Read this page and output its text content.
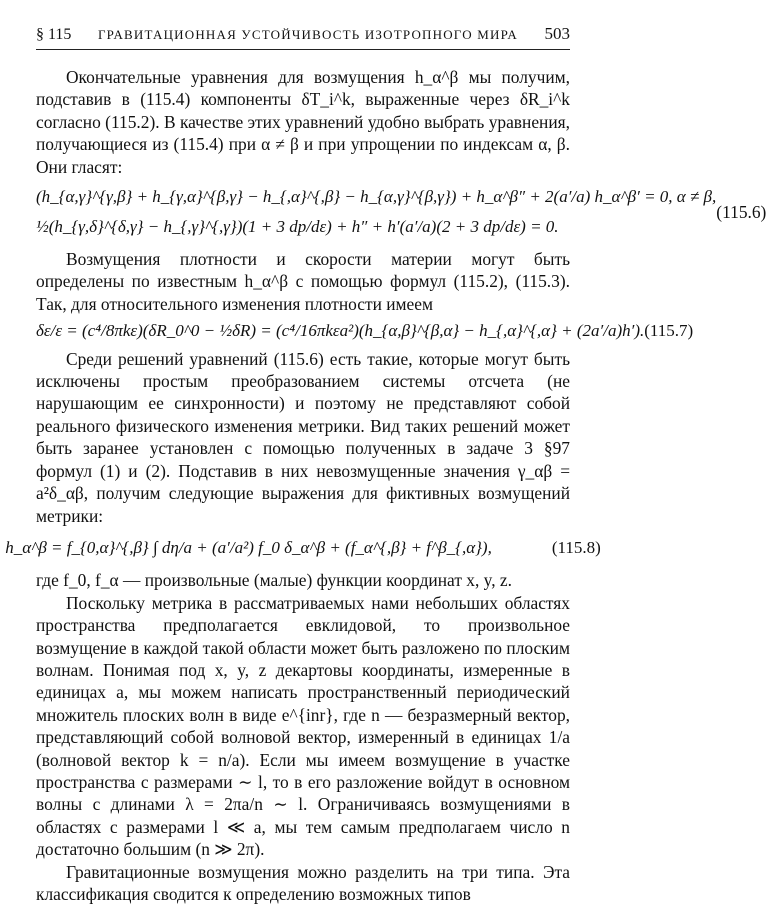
§ 115 ГРАВИТАЦИОННАЯ УСТОЙЧИВОСТЬ ИЗОТРОПНОГО МИРА 503

Окончательные уравнения для возмущения h_α^β мы получим, подставив в (115.4) компоненты δT_i^k, выраженные через δR_i^k согласно (115.2). В качестве этих уравнений удобно выбрать уравнения, получающиеся из (115.4) при α ≠ β и при упрощении по индексам α, β. Они гласят:

(h_{α,γ}^{γ,β} + h_{γ,α}^{β,γ} − h_{,α}^{,β} − h_{α,γ}^{β,γ}) + h_α^β″ + 2(a′/a) h_α^β′ = 0, α ≠ β,
½(h_{γ,δ}^{δ,γ} − h_{,γ}^{,γ})(1 + 3 dp/dε) + h″ + h′(a′/a)(2 + 3 dp/dε) = 0.
(115.6)

Возмущения плотности и скорости материи могут быть определены по известным h_α^β с помощью формул (115.2), (115.3). Так, для относительного изменения плотности имеем

δε/ε = (c⁴/8πkε)(δR_0^0 − ½δR) = (c⁴/16πkεa²)(h_{α,β}^{β,α} − h_{,α}^{,α} + (2a′/a)h′). (115.7)

Среди решений уравнений (115.6) есть такие, которые могут быть исключены простым преобразованием системы отсчета (не нарушающим ее синхронности) и поэтому не представляют собой реального физического изменения метрики. Вид таких решений может быть заранее установлен с помощью полученных в задаче 3 §97 формул (1) и (2). Подставив в них невозмущенные значения γ_αβ = a²δ_αβ, получим следующие выражения для фиктивных возмущений метрики:

h_α^β = f_{0,α}^{,β} ∫ dη/a + (a′/a²) f_0 δ_α^β + (f_α^{,β} + f^β_{,α}),	(115.8)

где f_0, f_α — произвольные (малые) функции координат x, y, z.

Поскольку метрика в рассматриваемых нами небольших областях пространства предполагается евклидовой, то произвольное возмущение в каждой такой области может быть разложено по плоским волнам. Понимая под x, y, z декартовы координаты, измеренные в единицах a, мы можем написать пространственный периодический множитель плоских волн в виде e^{inr}, где n — безразмерный вектор, представляющий собой волновой вектор, измеренный в единицах 1/a (волновой вектор k = n/a). Если мы имеем возмущение в участке пространства с размерами ∼ l, то в его разложение войдут в основном волны с длинами λ = 2πa/n ∼ l. Ограничиваясь возмущениями в областях с размерами l ≪ a, мы тем самым предполагаем число n достаточно большим (n ≫ 2π).

Гравитационные возмущения можно разделить на три типа. Эта классификация сводится к определению возможных типов
